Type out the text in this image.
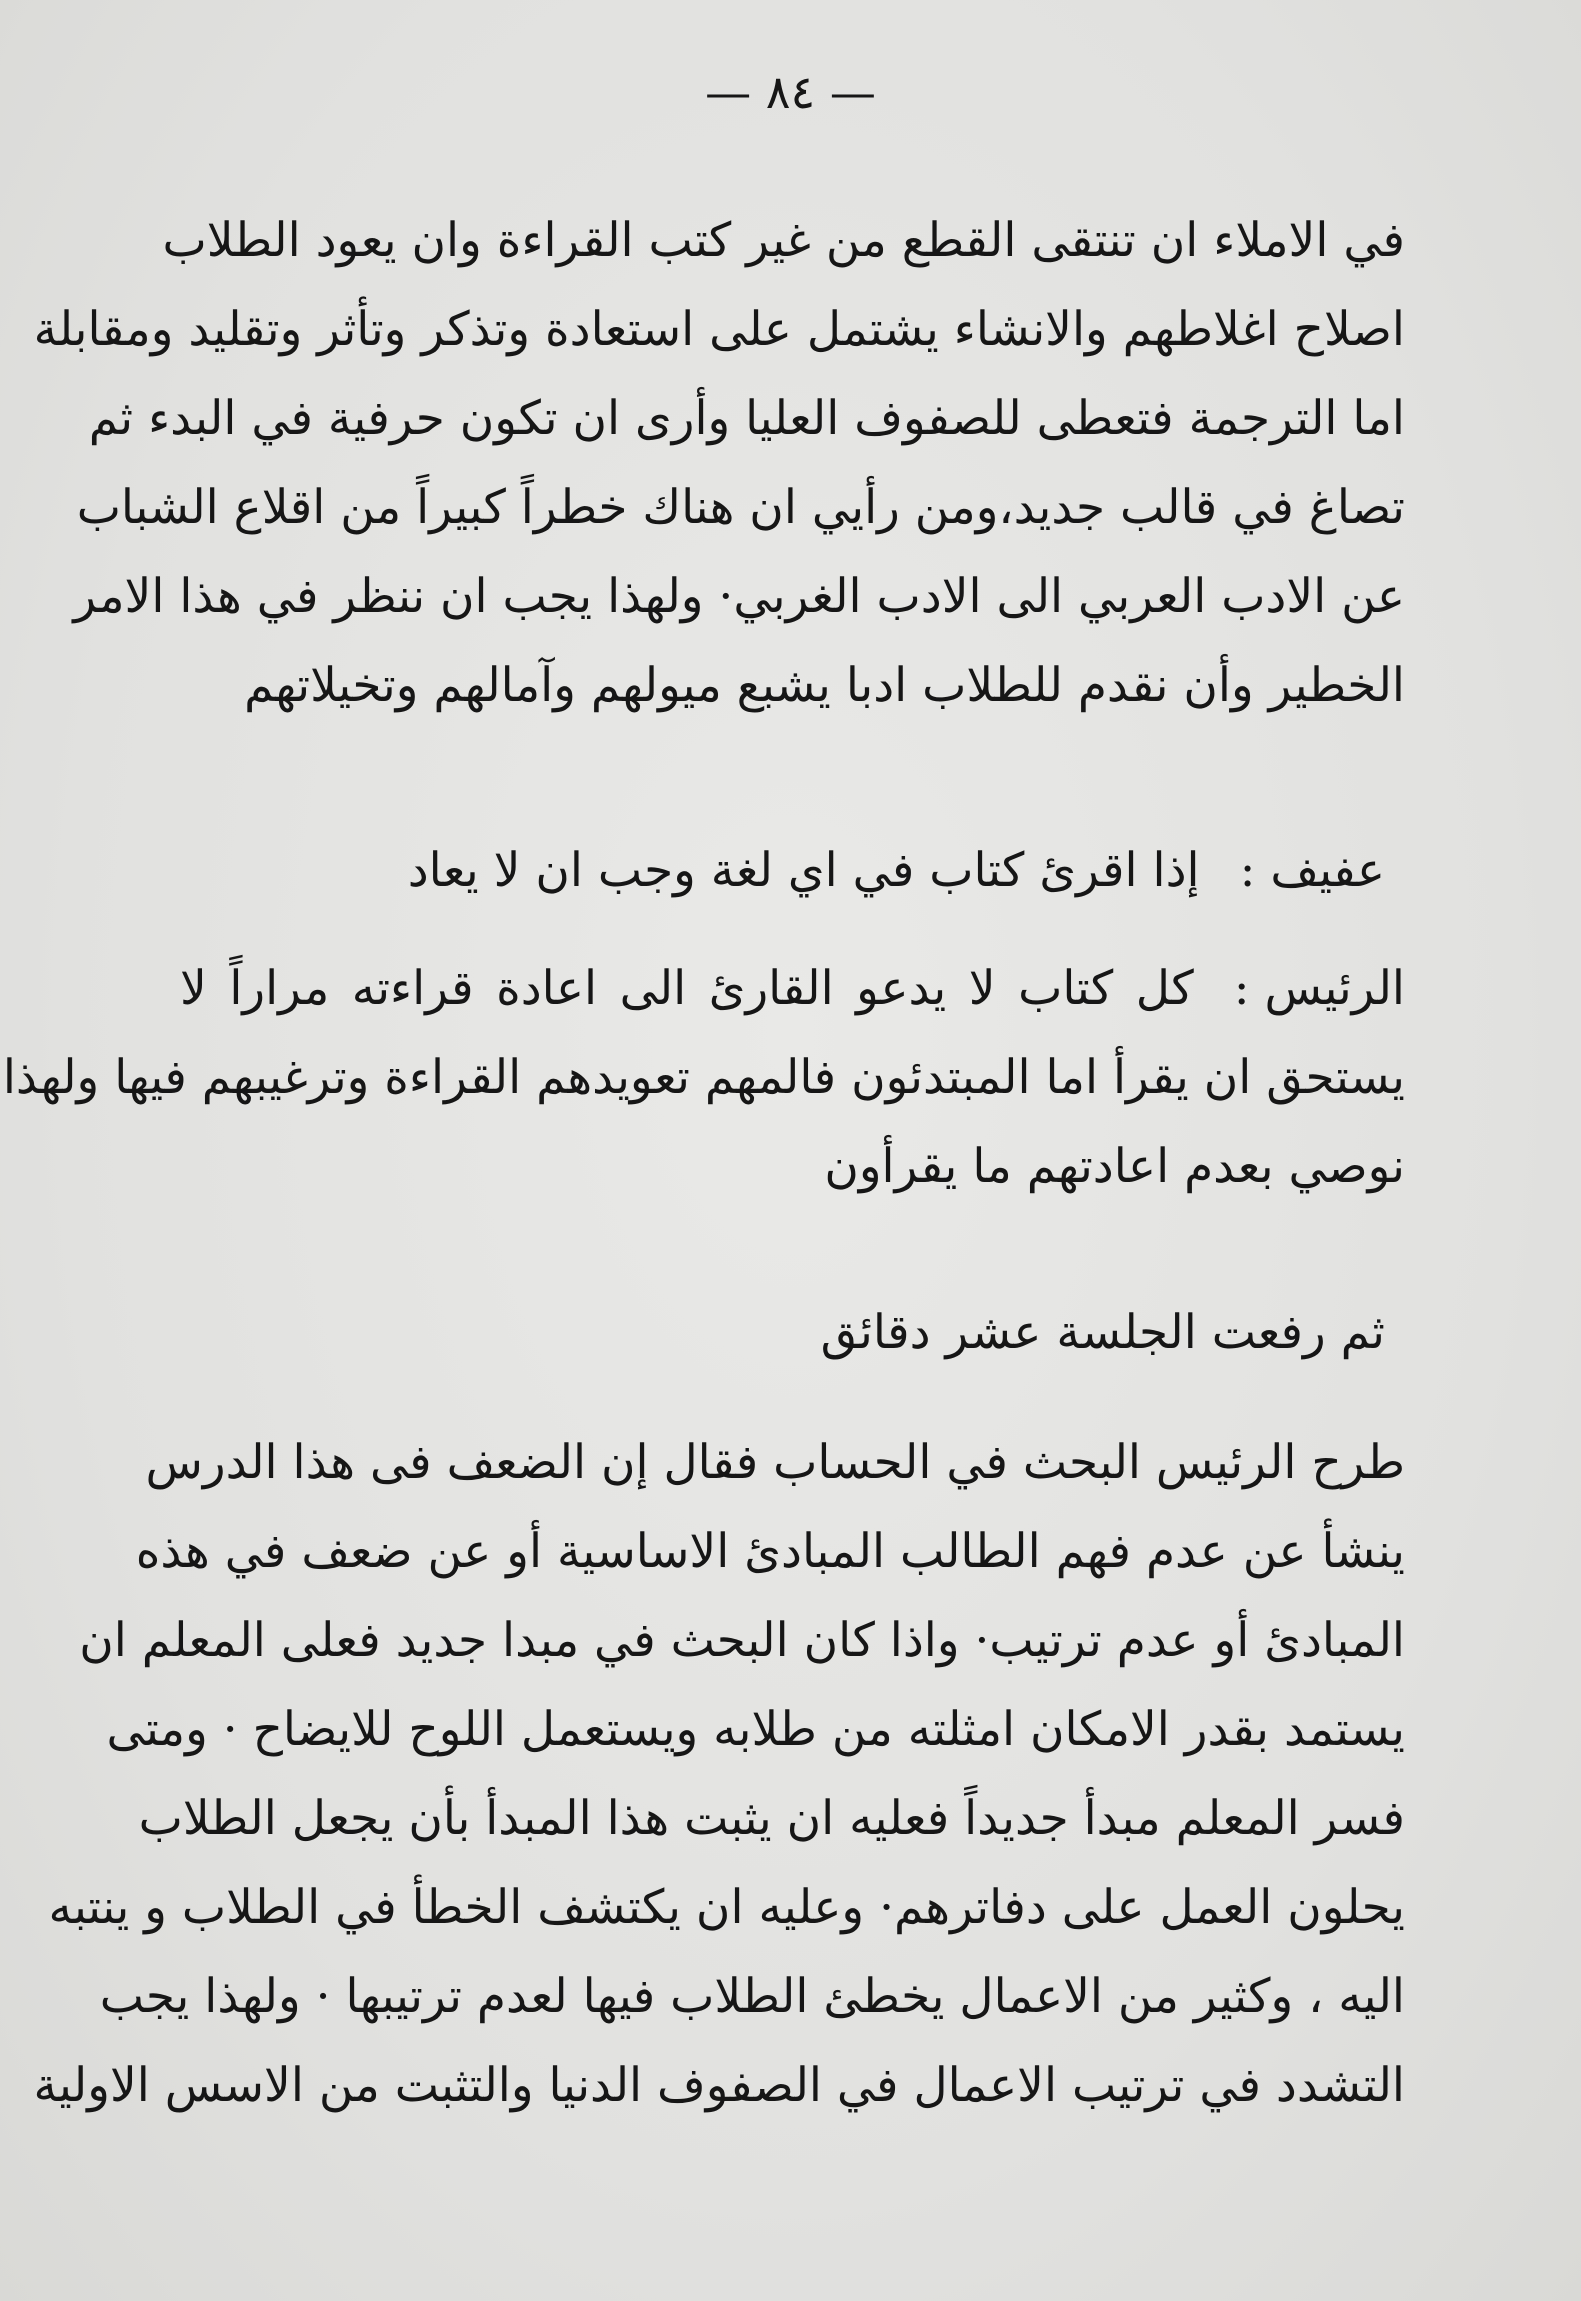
— ٨٤ —

في الاملاء ان تنتقى القطع من غير كتب القراءة وان يعود الطلاب
اصلاح اغلاطهم والانشاء يشتمل على استعادة وتذكر وتأثر وتقليد ومقابلة
اما الترجمة فتعطى للصفوف العليا وأرى ان تكون حرفية في البدء ثم
تصاغ في قالب جديد،ومن رأيي ان هناك خطراً كبيراً من اقلاع الشباب
عن الادب العربي الى الادب الغربي· ولهذا يجب ان ننظر في هذا الامر
الخطير وأن نقدم للطلاب ادبا يشبع ميولهم وآمالهم وتخيلاتهم

عفيف :إذا اقرئ كتاب في اي لغة وجب ان لا يعاد

الرئيس :كل كتاب لا يدعو القارئ الى اعادة قراءته مراراً لا
يستحق ان يقرأ اما المبتدئون فالمهم تعويدهم القراءة وترغيبهم فيها ولهذا
نوصي بعدم اعادتهم ما يقرأون

ثم رفعت الجلسة عشر دقائق

طرح الرئيس البحث في الحساب فقال إن الضعف فى هذا الدرس
ينشأ عن عدم فهم الطالب المبادئ الاساسية أو عن ضعف في هذه
المبادئ أو عدم ترتيب· واذا كان البحث في مبدا جديد فعلى المعلم ان
يستمد بقدر الامكان امثلته من طلابه ويستعمل اللوح للايضاح · ومتى
فسر المعلم مبدأ جديداً فعليه ان يثبت هذا المبدأ بأن يجعل الطلاب
يحلون العمل على دفاترهم· وعليه ان يكتشف الخطأ في الطلاب و ينتبه
اليه ، وكثير من الاعمال يخطئ الطلاب فيها لعدم ترتيبها · ولهذا يجب
التشدد في ترتيب الاعمال في الصفوف الدنيا والتثبت من الاسس الاولية
